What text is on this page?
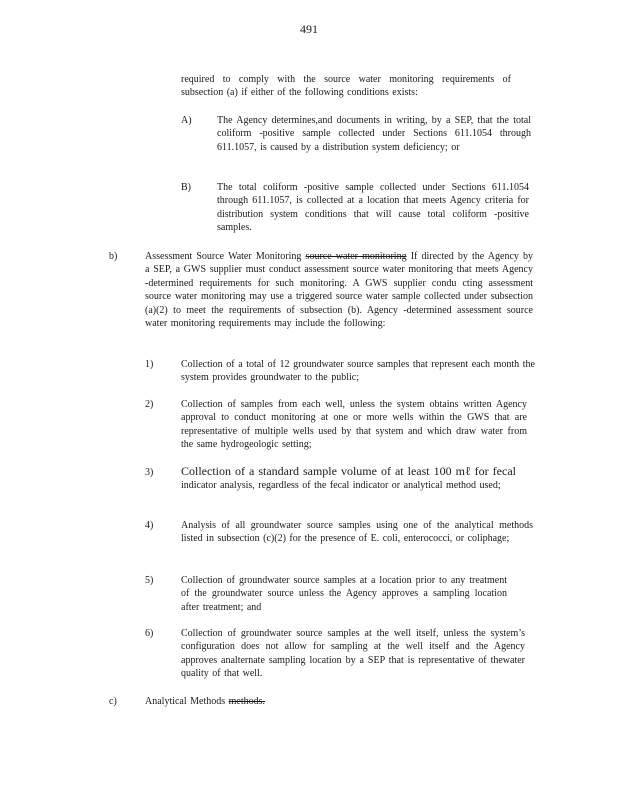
491
required to comply with the source water monitoring requirements of subsection (a) if either of the following conditions exists:
A)	The Agency determines,and documents in writing, by a SEP, that the total coliform -positive sample collected under Sections 611.1054 through 611.1057, is caused by a distribution system deficiency; or
B)	The total coliform -positive sample collected under Sections 611.1054 through 611.1057, is collected at a location that meets Agency criteria for distribution system conditions that will cause total coliform -positive samples.
b)	Assessment Source Water Monitoring source water monitoring If directed by the Agency by a SEP, a GWS supplier must conduct assessment source water monitoring that meets Agency -determined requirements for such monitoring. A GWS supplier condu cting assessment source water monitoring may use a triggered source water sample collected under subsection (a)(2) to meet the requirements of subsection (b). Agency -determined assessment source water monitoring requirements may include the following:
1)	Collection of a total of 12 groundwater source samples that represent each month the system provides groundwater to the public;
2)	Collection of samples from each well, unless the system obtains written Agency approval to conduct monitoring at one or more wells within the GWS that are representative of multiple wells used by that system and which draw water from the same hydrogeologic setting;
3) Collection of a standard sample volume of at least 100 mℓ for fecal
indicator analysis, regardless of the fecal indicator or analytical method used;
4)	Analysis of all groundwater source samples using one of the analytical methods listed in subsection (c)(2) for the presence of E. coli, enterococci, or coliphage;
5)	Collection of groundwater source samples at a location prior to any treatment of the groundwater source unless the Agency approves a sampling location after treatment; and
6)	Collection of groundwater source samples at the well itself, unless the system’s configuration does not allow for sampling at the well itself and the Agency approves analternate sampling location by a SEP that is representative of thewater quality of that well.
c)	Analytical Methods methods.
